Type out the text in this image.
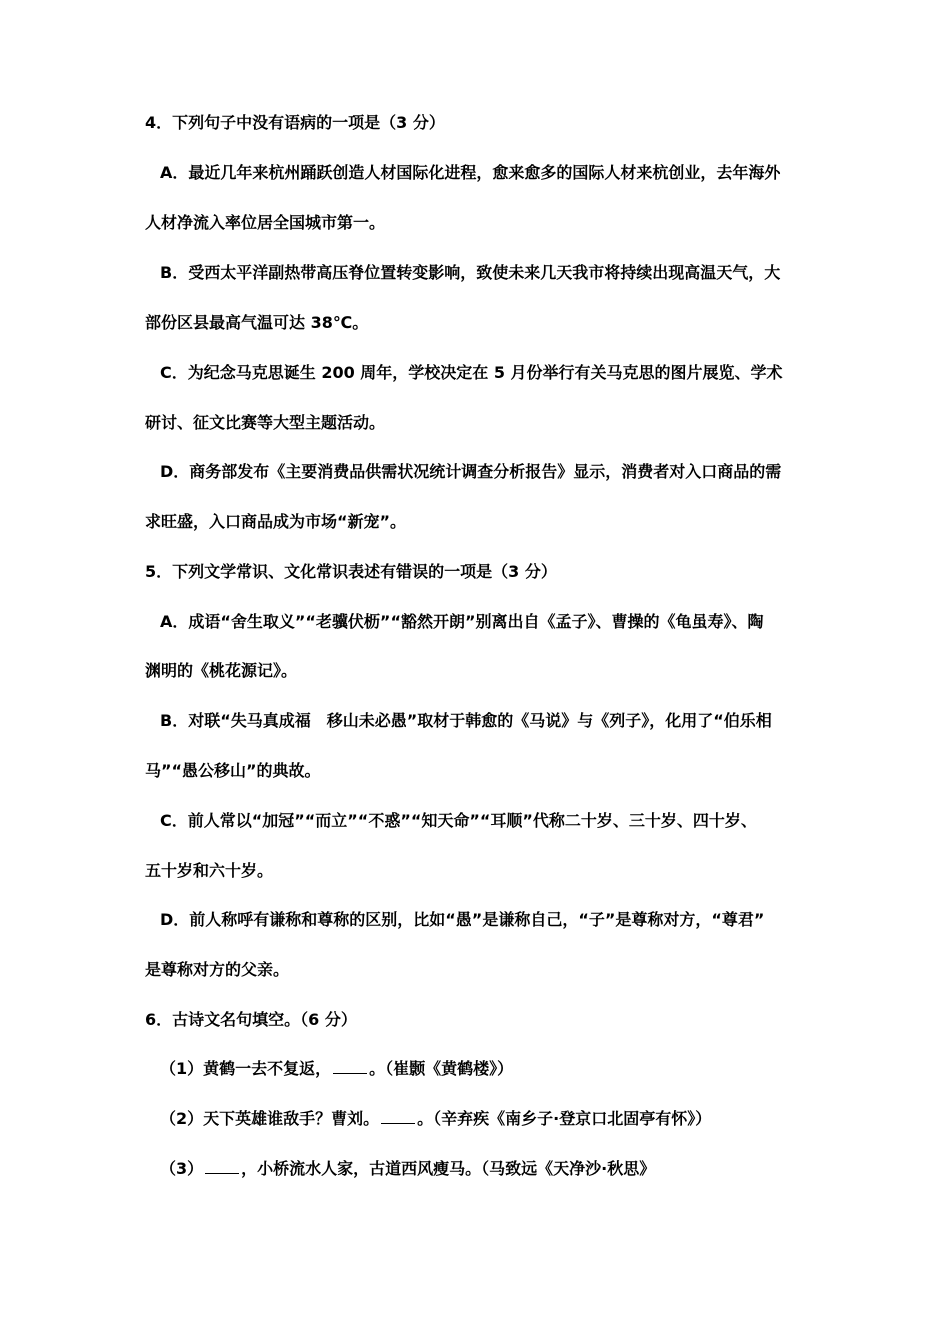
4．下列句子中没有语病的一项是（3 分）
A．最近几年来杭州踊跃创造人材国际化进程，愈来愈多的国际人材来杭创业，去年海外
人材净流入率位居全国城市第一。
B．受西太平洋副热带高压脊位置转变影响，致使未来几天我市将持续出现高温天气，大
部份区县最高气温可达 38℃。
C．为纪念马克思诞生 200 周年，学校决定在 5 月份举行有关马克思的图片展览、学术
研讨、征文比赛等大型主题活动。
D．商务部发布《主要消费品供需状况统计调查分析报告》显示，消费者对入口商品的需
求旺盛，入口商品成为市场“新宠”。
5．下列文学常识、文化常识表述有错误的一项是（3 分）
A．成语“舍生取义”“老骥伏枥”“豁然开朗”别离出自《孟子》、曹操的《龟虽寿》、陶
渊明的《桃花源记》。
B．对联“失马真成福　移山未必愚”取材于韩愈的《马说》与《列子》，化用了“伯乐相
马”“愚公移山”的典故。
C．前人常以“加冠”“而立”“不惑”“知天命”“耳顺”代称二十岁、三十岁、四十岁、
五十岁和六十岁。
D．前人称呼有谦称和尊称的区别，比如“愚”是谦称自己，“子”是尊称对方，“尊君”
是尊称对方的父亲。
6．古诗文名句填空。（6 分）
（1）黄鹤一去不复返， 。（崔颢《黄鹤楼》）
（2）天下英雄谁敌手？曹刘。 。（辛弃疾《南乡子·登京口北固亭有怀》）
（3） ，小桥流水人家，古道西风瘦马。（马致远《天净沙·秋思》
